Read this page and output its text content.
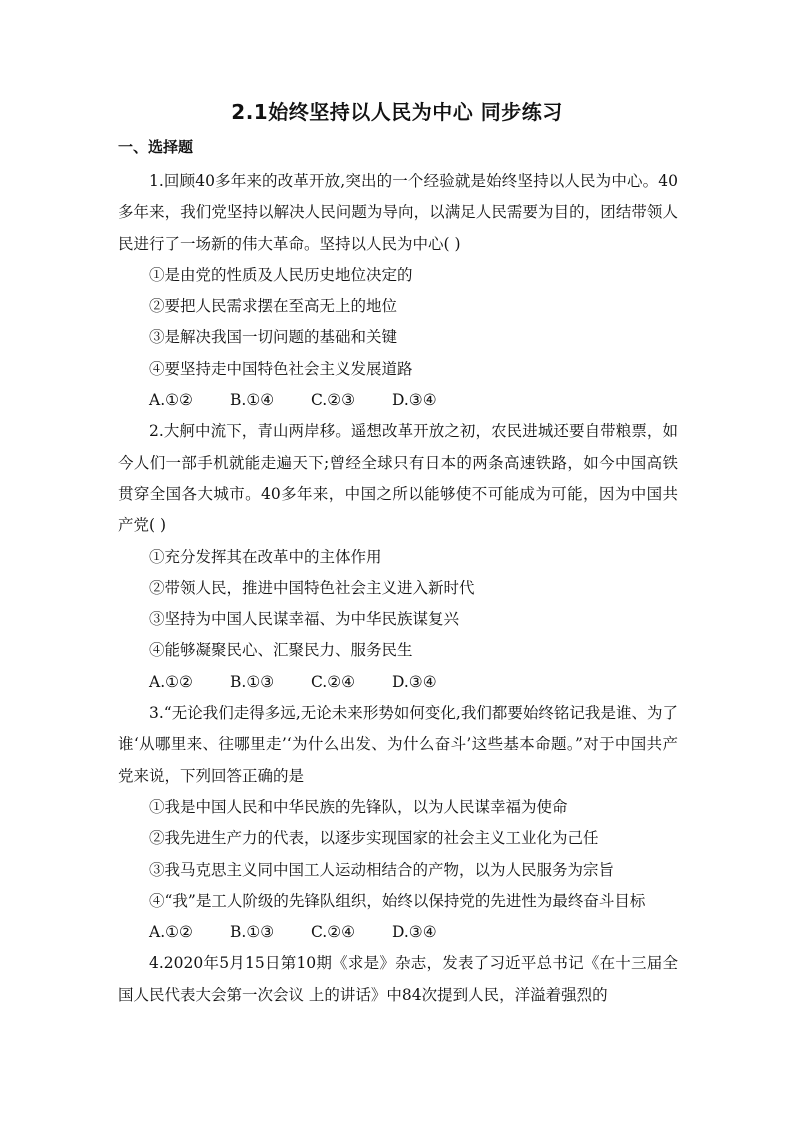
2.1始终坚持以人民为中心 同步练习
一、选择题

1.回顾40多年来的改革开放,突出的一个经验就是始终坚持以人民为中心。40多年来，我们党坚持以解决人民问题为导向，以满足人民需要为目的，团结带领人民进行了一场新的伟大革命。坚持以人民为中心( )

①是由党的性质及人民历史地位决定的

②要把人民需求摆在至高无上的地位

③是解决我国一切问题的基础和关键

④要坚持走中国特色社会主义发展道路

A.①② B.①④ C.②③ D.③④

2.大舸中流下，青山两岸移。遥想改革开放之初，农民进城还要自带粮票，如今人们一部手机就能走遍天下;曾经全球只有日本的两条高速铁路，如今中国高铁贯穿全国各大城市。40多年来，中国之所以能够使不可能成为可能，因为中国共产党( )

①充分发挥其在改革中的主体作用

②带领人民，推进中国特色社会主义进入新时代

③坚持为中国人民谋幸福、为中华民族谋复兴

④能够凝聚民心、汇聚民力、服务民生

A.①② B.①③ C.②④ D.③④

3.“无论我们走得多远,无论未来形势如何变化,我们都要始终铭记我是谁、为了谁‘从哪里来、往哪里走’‘为什么出发、为什么奋斗’这些基本命题。”对于中国共产党来说，下列回答正确的是

①我是中国人民和中华民族的先锋队，以为人民谋幸福为使命

②我先进生产力的代表，以逐步实现国家的社会主义工业化为己任

③我马克思主义同中国工人运动相结合的产物，以为人民服务为宗旨

④“我”是工人阶级的先锋队组织，始终以保持党的先进性为最终奋斗目标

A.①② B.①③ C.②④ D.③④

4.2020年5月15日第10期《求是》杂志，发表了习近平总书记《在十三届全国人民代表大会第一次会议 上的讲话》中84次提到人民，洋溢着强烈的
